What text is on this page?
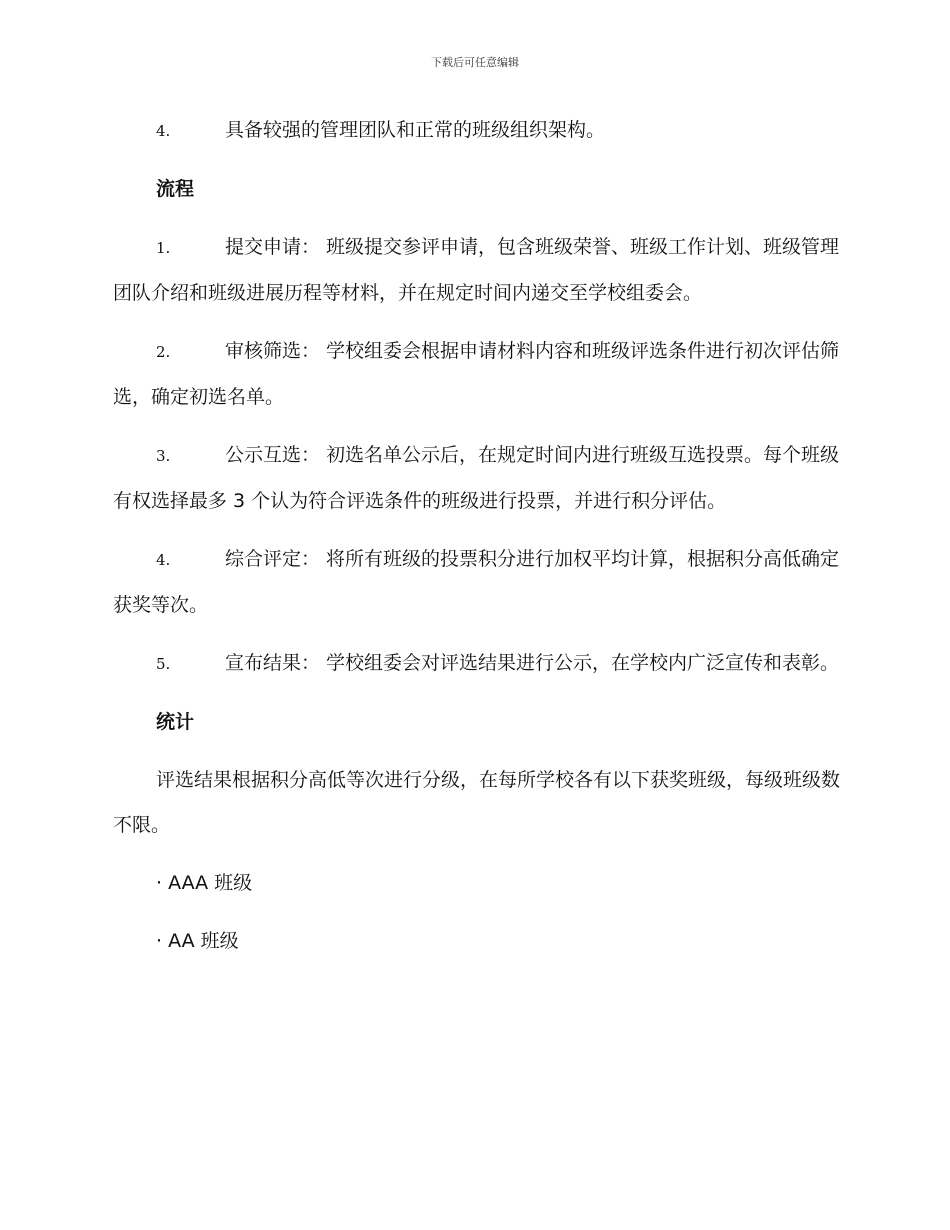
下载后可任意编辑
4.	具备较强的管理团队和正常的班级组织架构。
流程
1.	提交申请： 班级提交参评申请，包含班级荣誉、班级工作计划、班级管理团队介绍和班级进展历程等材料，并在规定时间内递交至学校组委会。
2.	审核筛选： 学校组委会根据申请材料内容和班级评选条件进行初次评估筛选，确定初选名单。
3.	公示互选： 初选名单公示后，在规定时间内进行班级互选投票。每个班级有权选择最多 3 个认为符合评选条件的班级进行投票，并进行积分评估。
4.	综合评定： 将所有班级的投票积分进行加权平均计算，根据积分高低确定获奖等次。
5.	宣布结果： 学校组委会对评选结果进行公示，在学校内广泛宣传和表彰。
统计
评选结果根据积分高低等次进行分级，在每所学校各有以下获奖班级，每级班级数不限。
· AAA 班级
· AA 班级
